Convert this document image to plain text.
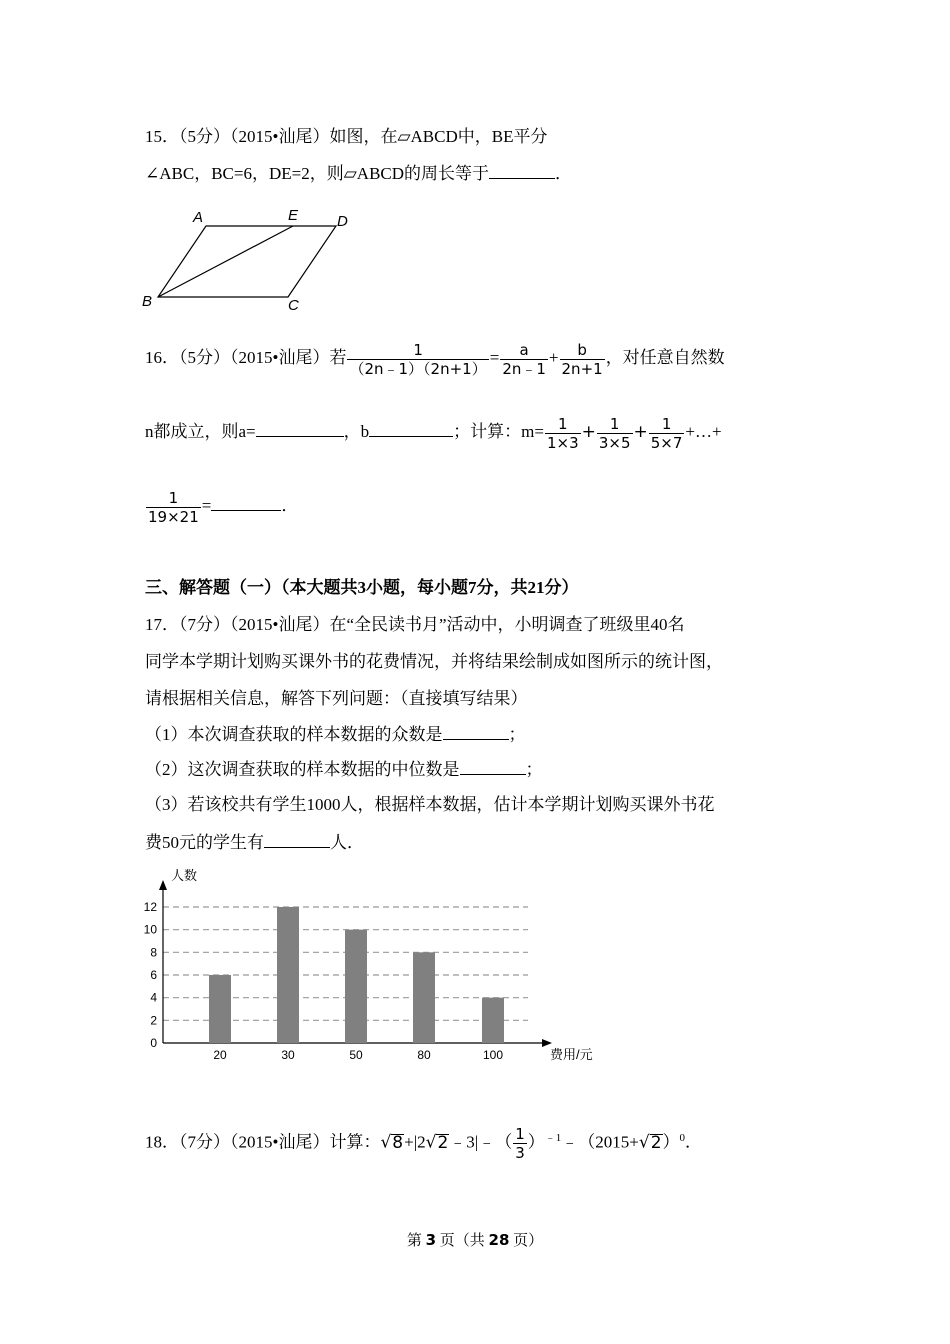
15．（5分）（2015•汕尾）如图，在▱ABCD中，BE平分
∠ABC，BC=6，DE=2，则▱ABCD的周长等于	．
A	E	D
B	C
16．（5分）（2015•汕尾）若 $\frac{1}{(2n﹣1)(2n+1)} = \frac{a}{2n﹣1} + \frac{b}{2n+1}$ ，对任意自然数
n都成立，则a=	，b	；计算：$m= \frac{1}{1\times 3} + \frac{1}{3\times 5} + \frac{1}{5\times 7}$ +…+
$\frac{1}{19\times 21}$ =	．
三、解答题（一）（本大题共3小题，每小题7分，共21分）
17．（7分）（2015•汕尾）在“全民读书月”活动中，小明调查了班级里40名
同学本学期计划购买课外书的花费情况，并将结果绘制成如图所示的统计图，
请根据相关信息，解答下列问题：（直接填写结果）
（1）本次调查获取的样本数据的众数是	；
（2）这次调查获取的样本数据的中位数是	；
（3）若该校共有学生1000人，根据样本数据，估计本学期计划购买课外书花
费50元的学生有	人．
0
2
4
6
8
10
12
人数
费用/元
20	30	50	80	100
18．（7分）（2015•汕尾）计算：√8+|2√2﹣3|﹣（ $\frac{1}{3}$ ）$^{﹣1}﹣(2015+√2)^0$．
第 3 页（共 28 页）
